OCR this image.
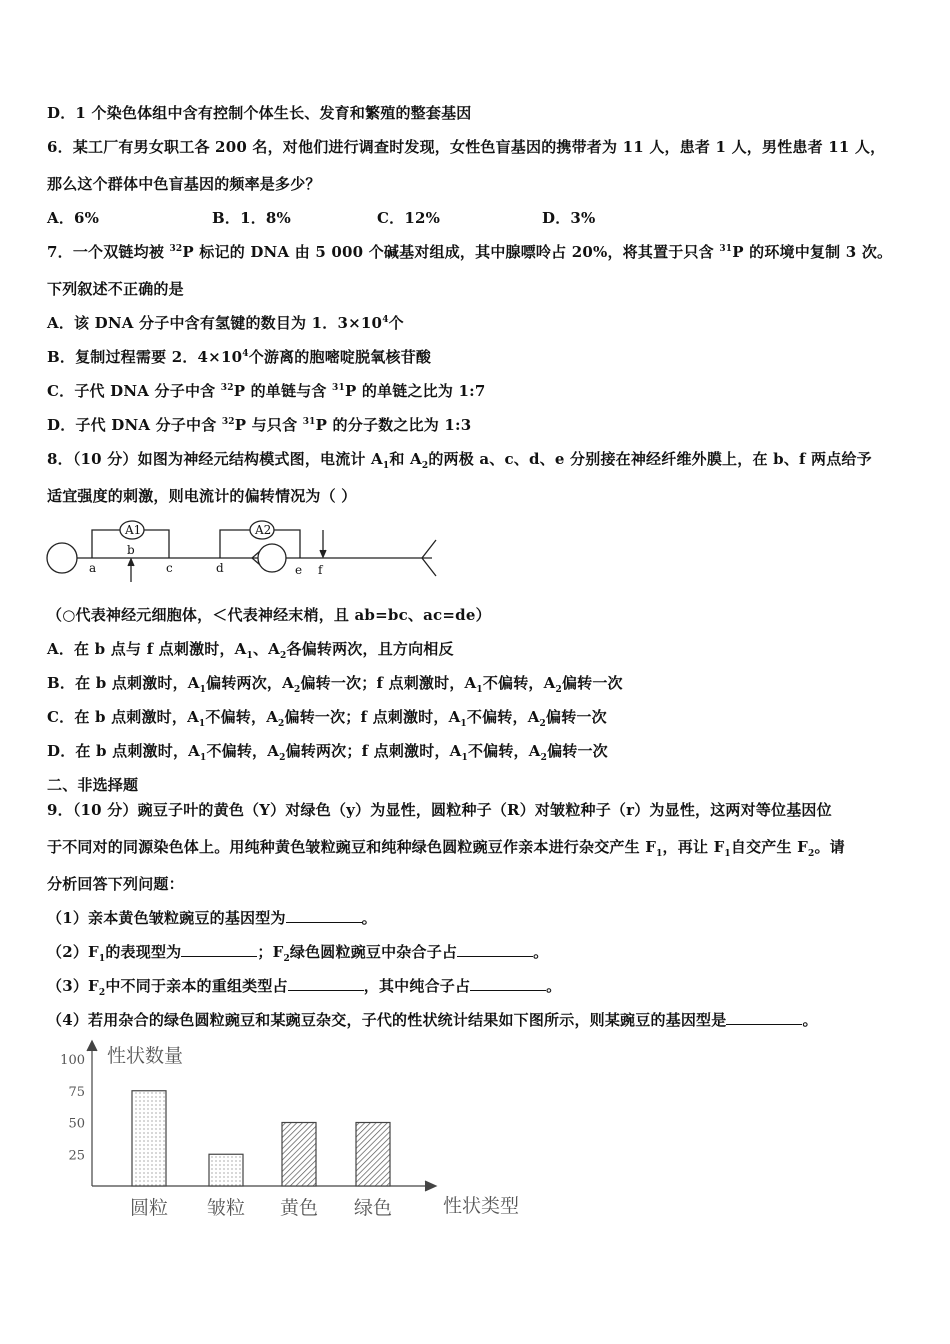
D．1 个染色体组中含有控制个体生长、发育和繁殖的整套基因
6．某工厂有男女职工各 200 名，对他们进行调查时发现，女性色盲基因的携带者为 11 人，患者 1 人，男性患者 11 人，
那么这个群体中色盲基因的频率是多少？
A．6%	B．1．8%	C．12%	D．3%
7．一个双链均被 $^{32}$P 标记的 DNA 由 5 000 个碱基对组成，其中腺嘌呤占 20%，将其置于只含 $^{31}$P 的环境中复制 3 次。
下列叙述不正确的是
A．该 DNA 分子中含有氢键的数目为 1．$3\times 10^4$个
B．复制过程需要 2．$4\times 10^4$个游离的胞嘧啶脱氧核苷酸
C．子代 DNA 分子中含 $^{32}$P 的单链与含 $^{31}$P 的单链之比为 1:7
D．子代 DNA 分子中含 $^{32}$P 与只含 $^{31}$P 的分子数之比为 1:3
8．（10 分）如图为神经元结构模式图，电流计 $A_1$和 $A_2$的两极 a、c、d、e 分别接在神经纤维外膜上，在 b、f 两点给予
适宜强度的刺激，则电流计的偏转情况为（ ）
A1	A2
a
b
c	d	e f
（○代表神经元细胞体，＜代表神经末梢，且 ab=bc、ac=de）
A．在 b 点与 f 点刺激时，$A_1$、$A_2$各偏转两次，且方向相反
B．在 b 点刺激时，$A_1$偏转两次，$A_2$偏转一次；f 点刺激时，$A_1$不偏转，$A_2$偏转一次
C．在 b 点刺激时，$A_1$不偏转，$A_2$偏转一次；f 点刺激时，$A_1$不偏转，$A_2$偏转一次
D．在 b 点刺激时，$A_1$不偏转，$A_2$偏转两次；f 点刺激时，$A_1$不偏转，$A_2$偏转一次
二、非选择题
9．（10 分）豌豆子叶的黄色（Y）对绿色（y）为显性，圆粒种子（R）对皱粒种子（r）为显性，这两对等位基因位
于不同对的同源染色体上。用纯种黄色皱粒豌豆和纯种绿色圆粒豌豆作亲本进行杂交产生 $F_1$，再让 $F_1$自交产生 $F_2$。请
分析回答下列问题：
（1）亲本黄色皱粒豌豆的基因型为	。
$(2)F_1$的表现型为	；$F_2$绿色圆粒豌豆中杂合子占	。
$(3)F_2$中不同于亲本的重组类型占	，其中纯合子占	。
（4）若用杂合的绿色圆粒豌豆和某豌豆杂交，子代的性状统计结果如下图所示，则某豌豆的基因型是	。
性状数量
性状类型
100
75
50
25
圆粒 皱粒 黄色 绿色
